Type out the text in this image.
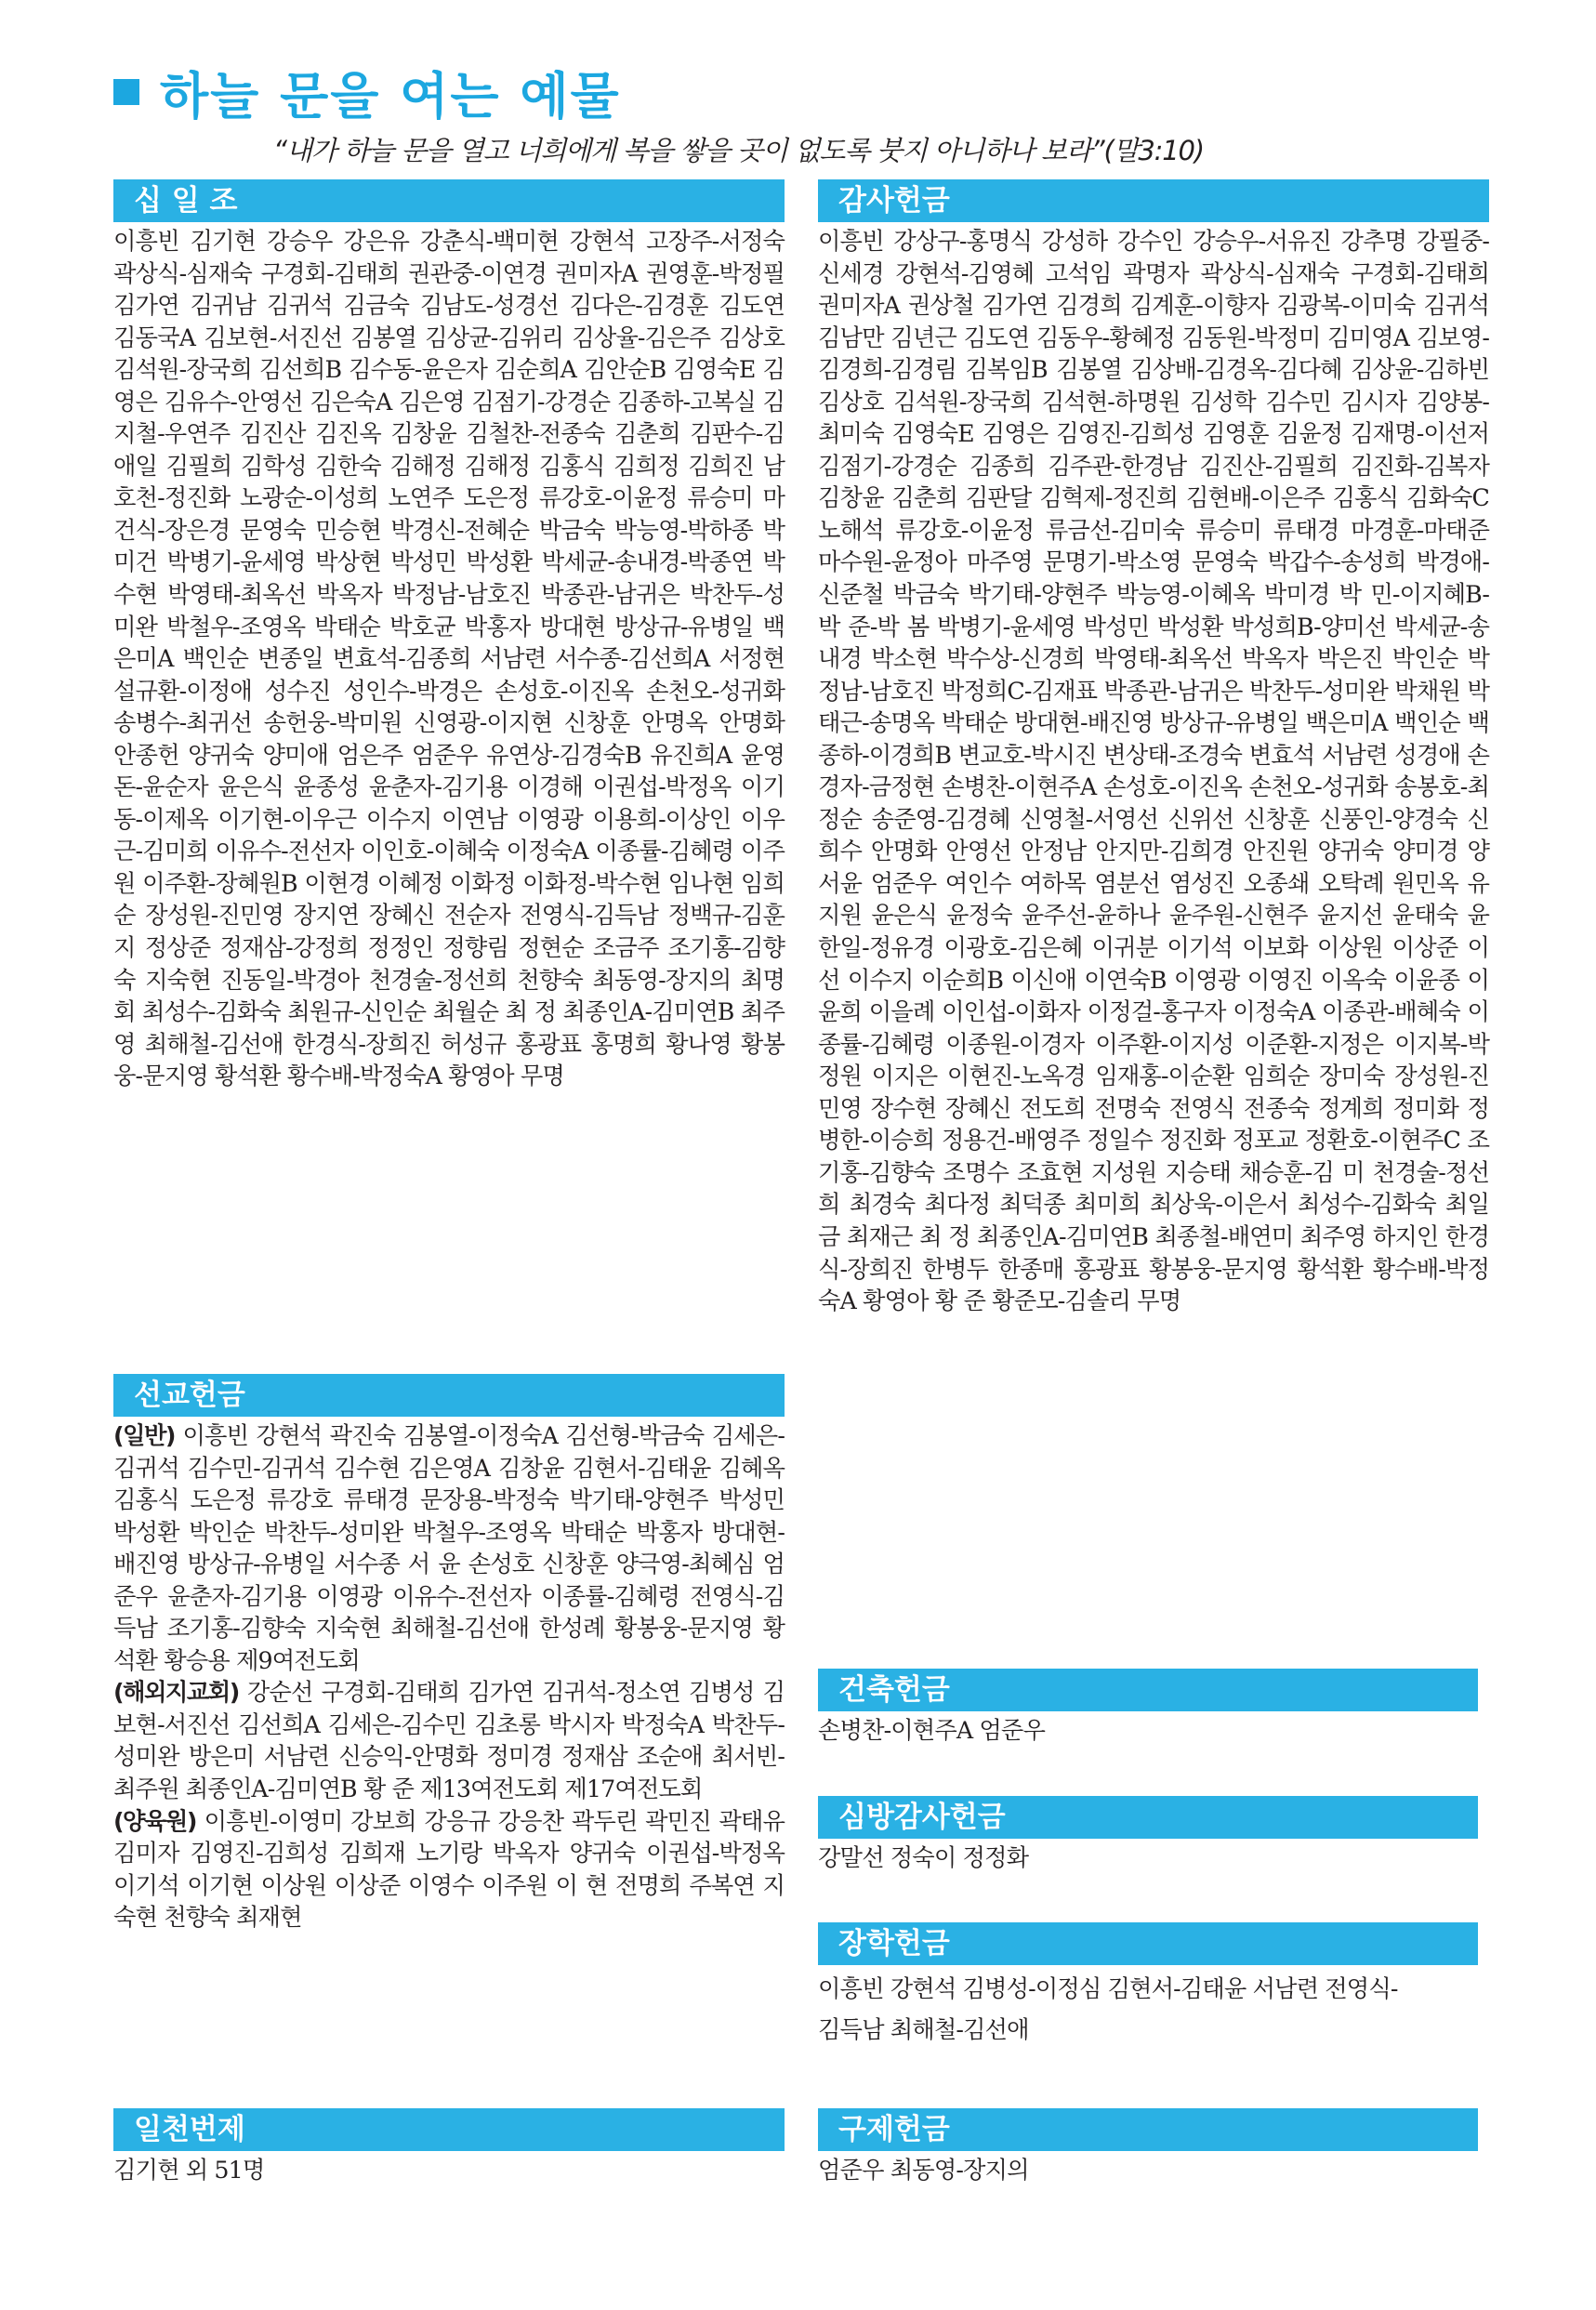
하늘 문을 여는 예물
“내가 하늘 문을 열고 너희에게 복을 쌓을 곳이 없도록 붓지 아니하나 보라”(말3:10)
십 일 조
이흥빈 김기현 강승우 강은유 강춘식-백미현 강현석 고장주-서정숙 곽상식-심재숙 구경회-김태희 권관중-이연경 권미자A 권영훈-박정필 김가연 김귀남 김귀석 김금숙 김남도-성경선 김다은-김경훈 김도연 김동국A 김보현-서진선 김봉열 김상균-김위리 김상율-김은주 김상호 김석원-장국희 김선희B 김수동-윤은자 김순희A 김안순B 김영숙E 김영은 김유수-안영선 김은숙A 김은영 김점기-강경순 김종하-고복실 김지철-우연주 김진산 김진옥 김창윤 김철찬-전종숙 김춘희 김판수-김애일 김필희 김학성 김한숙 김해정 김해정 김홍식 김희정 김희진 남호천-정진화 노광순-이성희 노연주 도은정 류강호-이윤정 류승미 마건식-장은경 문영숙 민승현 박경신-전혜순 박금숙 박능영-박하종 박미건 박병기-윤세영 박상현 박성민 박성환 박세균-송내경-박종연 박수현 박영태-최옥선 박옥자 박정남-남호진 박종관-남귀은 박찬두-성미완 박철우-조영옥 박태순 박호균 박홍자 방대현 방상규-유병일 백은미A 백인순 변종일 변효석-김종희 서남련 서수종-김선희A 서정현 설규환-이정애 성수진 성인수-박경은 손성호-이진옥 손천오-성귀화 송병수-최귀선 송헌웅-박미원 신영광-이지현 신창훈 안명옥 안명화 안종헌 양귀숙 양미애 엄은주 엄준우 유연상-김경숙B 유진희A 윤영돈-윤순자 윤은식 윤종성 윤춘자-김기용 이경해 이권섭-박정옥 이기동-이제옥 이기현-이우근 이수지 이연남 이영광 이용희-이상인 이우근-김미희 이유수-전선자 이인호-이혜숙 이정숙A 이종률-김혜령 이주원 이주환-장혜원B 이현경 이혜정 이화정 이화정-박수현 임나현 임희순 장성원-진민영 장지연 장혜신 전순자 전영식-김득남 정백규-김훈지 정상준 정재삼-강정희 정정인 정향림 정현순 조금주 조기홍-김향숙 지숙현 진동일-박경아 천경술-정선희 천향숙 최동영-장지의 최명회 최성수-김화숙 최원규-신인순 최월순 최 정 최종인A-김미연B 최주영 최해철-김선애 한경식-장희진 허성규 홍광표 홍명희 황나영 황봉웅-문지영 황석환 황수배-박정숙A 황영아 무명
선교헌금

(일반) 이흥빈 강현석 곽진숙 김봉열-이정숙A 김선형-박금숙 김세은-김귀석 김수민-김귀석 김수현 김은영A 김창윤 김현서-김태윤 김혜옥 김홍식 도은정 류강호 류태경 문장용-박정숙 박기태-양현주 박성민 박성환 박인순 박찬두-성미완 박철우-조영옥 박태순 박홍자 방대현-배진영 방상규-유병일 서수종 서 윤 손성호 신창훈 양극영-최혜심 엄준우 윤춘자-김기용 이영광 이유수-전선자 이종률-김혜령 전영식-김득남 조기홍-김향숙 지숙현 최해철-김선애 한성례 황봉웅-문지영 황석환 황승용 제9여전도회

(해외지교회) 강순선 구경회-김태희 김가연 김귀석-정소연 김병성 김보현-서진선 김선희A 김세은-김수민 김초롱 박시자 박정숙A 박찬두-성미완 방은미 서남련 신승익-안명화 정미경 정재삼 조순애 최서빈-최주원 최종인A-김미연B 황 준 제13여전도회 제17여전도회

(양육원) 이흥빈-이영미 강보희 강응규 강응찬 곽두린 곽민진 곽태유 김미자 김영진-김희성 김희재 노기랑 박옥자 양귀숙 이권섭-박정옥 이기석 이기현 이상원 이상준 이영수 이주원 이 현 전명희 주복연 지숙현 천향숙 최재현

일천번제
김기현 외 51명
감사헌금
이흥빈 강상구-홍명식 강성하 강수인 강승우-서유진 강추명 강필중-신세경 강현석-김영혜 고석임 곽명자 곽상식-심재숙 구경회-김태희 권미자A 권상철 김가연 김경희 김계훈-이향자 김광복-이미숙 김귀석 김남만 김년근 김도연 김동우-황혜정 김동원-박정미 김미영A 김보영-김경희-김경림 김복임B 김봉열 김상배-김경옥-김다혜 김상윤-김하빈 김상호 김석원-장국희 김석현-하명원 김성학 김수민 김시자 김양봉-최미숙 김영숙E 김영은 김영진-김희성 김영훈 김윤정 김재명-이선저 김점기-강경순 김종희 김주관-한경남 김진산-김필희 김진화-김복자 김창윤 김춘희 김판달 김혁제-정진희 김현배-이은주 김홍식 김화숙C 노해석 류강호-이윤정 류금선-김미숙 류승미 류태경 마경훈-마태준 마수원-윤정아 마주영 문명기-박소영 문영숙 박갑수-송성희 박경애-신준철 박금숙 박기태-양현주 박능영-이혜옥 박미경 박 민-이지혜B-박 준-박 봄 박병기-윤세영 박성민 박성환 박성희B-양미선 박세균-송내경 박소현 박수상-신경희 박영태-최옥선 박옥자 박은진 박인순 박정남-남호진 박정희C-김재표 박종관-남귀은 박찬두-성미완 박채원 박태근-송명옥 박태순 방대현-배진영 방상규-유병일 백은미A 백인순 백종하-이경희B 변교호-박시진 변상태-조경숙 변효석 서남련 성경애 손경자-금정현 손병찬-이현주A 손성호-이진옥 손천오-성귀화 송봉호-최정순 송준영-김경혜 신영철-서영선 신위선 신창훈 신풍인-양경숙 신희수 안명화 안영선 안정남 안지만-김희경 안진원 양귀숙 양미경 양서윤 엄준우 여인수 여하목 염분선 염성진 오종쇄 오탁례 원민옥 유지원 윤은식 윤정숙 윤주선-윤하나 윤주원-신현주 윤지선 윤태숙 윤한일-정유경 이광호-김은혜 이귀분 이기석 이보화 이상원 이상준 이 선 이수지 이순희B 이신애 이연숙B 이영광 이영진 이옥숙 이윤종 이윤희 이을례 이인섭-이화자 이정걸-홍구자 이정숙A 이종관-배혜숙 이종률-김혜령 이종원-이경자 이주환-이지성 이준환-지정은 이지복-박정원 이지은 이현진-노옥경 임재홍-이순환 임희순 장미숙 장성원-진민영 장수현 장혜신 전도희 전명숙 전영식 전종숙 정계희 정미화 정병한-이승희 정용건-배영주 정일수 정진화 정포교 정환호-이현주C 조기홍-김향숙 조명수 조효현 지성원 지승태 채승훈-김 미 천경술-정선희 최경숙 최다정 최덕종 최미희 최상욱-이은서 최성수-김화숙 최일금 최재근 최 정 최종인A-김미연B 최종철-배연미 최주영 하지인 한경식-장희진 한병두 한종매 홍광표 황봉웅-문지영 황석환 황수배-박정숙A 황영아 황 준 황준모-김솔리 무명
건축헌금
손병찬-이현주A 엄준우
심방감사헌금
강말선 정숙이 정정화
장학헌금
이흥빈 강현석 김병성-이정심 김현서-김태윤 서남련 전영식-
김득남 최해철-김선애
구제헌금
엄준우 최동영-장지의
